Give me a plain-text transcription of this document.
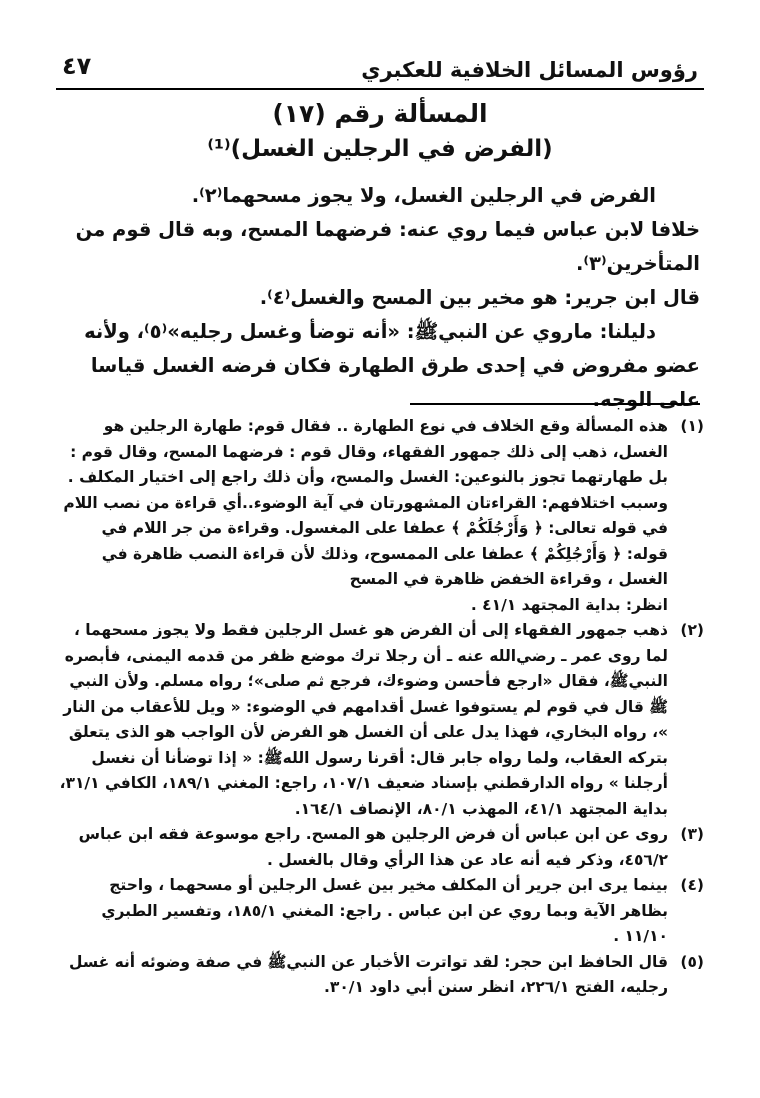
رؤوس المسائل الخلافية للعكبري
٤٧
المسألة رقم (١٧)
(الفرض في الرجلين الغسل)⁽¹⁾

الفرض في الرجلين الغسل، ولا يجوز مسحهما⁽٢⁾.

خلافا لابن عباس فيما روي عنه: فرضهما المسح، وبه قال قوم من المتأخرين⁽٣⁾.

قال ابن جرير: هو مخير بين المسح والغسل⁽٤⁾.

دليلنا: ماروي عن النبيﷺ: «أنه توضأ وغسل رجليه»⁽٥⁾، ولأنه عضو مفروض في إحدى طرق الطهارة فكان فرضه الغسل قياسا على الوجه.

(١)

هذه المسألة وقع الخلاف في نوع الطهارة .. فقال قوم: طهارة الرجلين هو الغسل، ذهب إلى ذلك جمهور الفقهاء، وقال قوم : فرضهما المسح، وقال قوم : بل طهارتهما تجوز بالنوعين: الغسل والمسح، وأن ذلك راجع إلى اختيار المكلف .

وسبب اختلافهم: القراءتان المشهورتان في آية الوضوء..أي قراءة من نصب اللام في قوله تعالى: ﴿ وَأَرْجُلَكُمْ ﴾ عطفا على المغسول. وقراءة من جر اللام في قوله: ﴿ وَأَرْجُلِكُمْ ﴾ عطفا على الممسوح، وذلك لأن قراءة النصب ظاهرة في الغسل ، وقراءة الخفض ظاهرة في المسح

انظر: بداية المجتهد ٤١/١ .

(٢)

ذهب جمهور الفقهاء إلى أن الفرض هو غسل الرجلين فقط ولا يجوز مسحهما ، لما روى عمر ـ رضي‌الله عنه ـ أن رجلا ترك موضع ظفر من قدمه اليمنى، فأبصره النبيﷺ، فقال «ارجع فأحسن وضوءك، فرجع ثم صلى»؛ رواه مسلم. ولأن النبي ﷺ قال في قوم لم يستوفوا غسل أقدامهم في الوضوء: « ويل للأعقاب من النار »، رواه البخاري، فهذا يدل على أن الغسل هو الفرض لأن الواجب هو الذى يتعلق بتركه العقاب، ولما رواه جابر قال: أقرنا رسول اللهﷺ: « إذا توضأنا أن نغسل أرجلنا » رواه الدارقطني بإسناد ضعيف ١٠٧/١، راجع: المغني ١٨٩/١، الكافي ٣١/١، بداية المجتهد ٤١/١، المهذب ٨٠/١، الإنصاف ١٦٤/١.

(٣)

روى عن ابن عباس أن فرض الرجلين هو المسح. راجع موسوعة فقه ابن عباس ٤٥٦/٢، وذكر فيه أنه عاد عن هذا الرأي وقال بالغسل .

(٤)

بينما يرى ابن جرير أن المكلف مخير بين غسل الرجلين أو مسحهما ، واحتج بظاهر الآية وبما روي عن ابن عباس . راجع: المغني ١٨٥/١، وتفسير الطبري ١١/١٠ .

(٥)

قال الحافظ ابن حجر: لقد تواترت الأخبار عن النبيﷺ في صفة وضوئه أنه غسل رجليه، الفتح ٢٢٦/١، انظر سنن أبي داود ٣٠/١.
